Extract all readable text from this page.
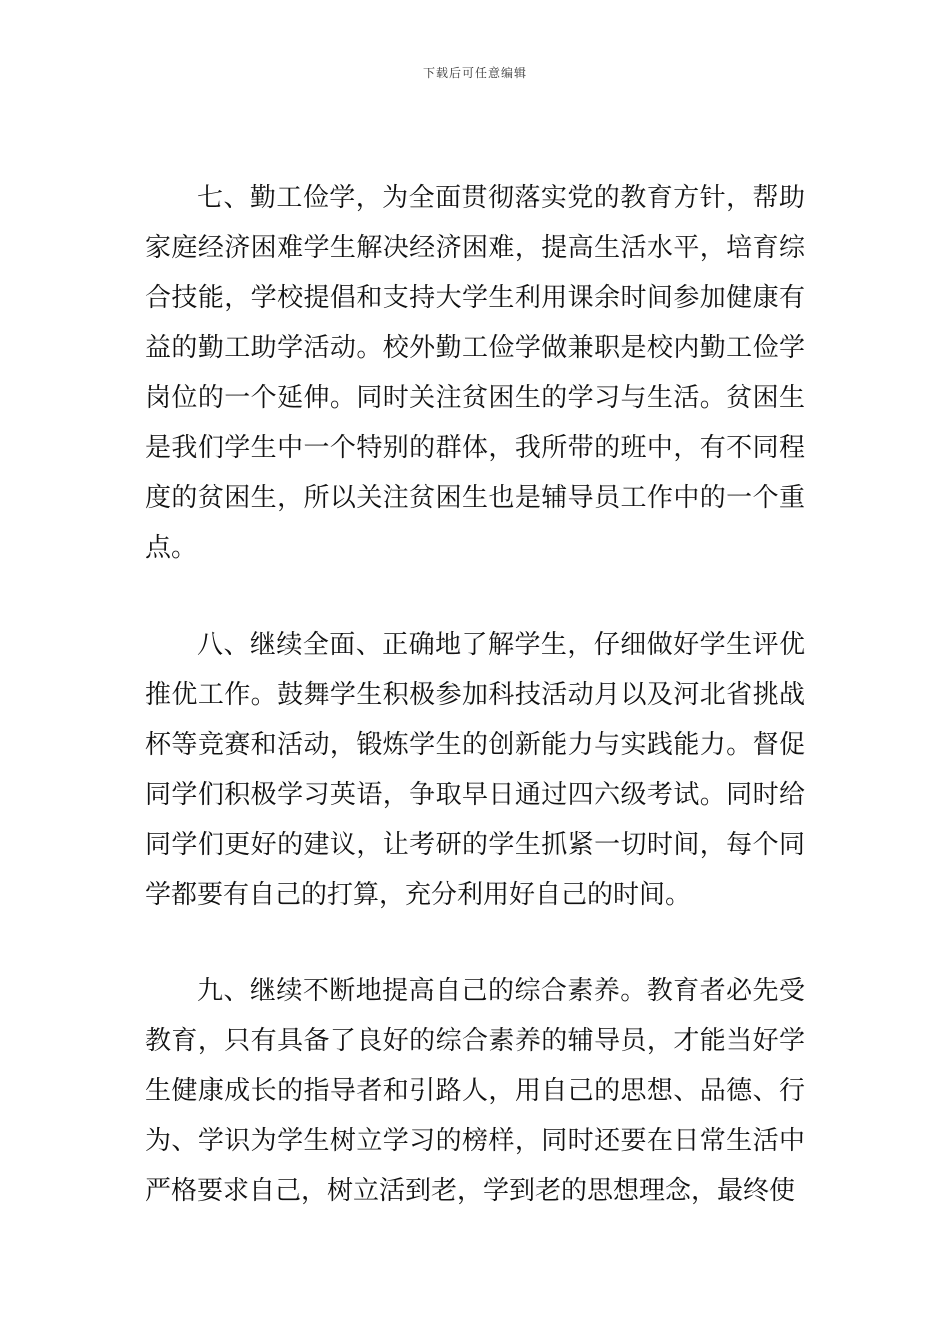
下载后可任意编辑

七、勤工俭学，为全面贯彻落实党的教育方针，帮助家庭经济困难学生解决经济困难，提高生活水平，培育综合技能，学校提倡和支持大学生利用课余时间参加健康有益的勤工助学活动。校外勤工俭学做兼职是校内勤工俭学岗位的一个延伸。同时关注贫困生的学习与生活。贫困生是我们学生中一个特别的群体，我所带的班中，有不同程度的贫困生，所以关注贫困生也是辅导员工作中的一个重点。

八、继续全面、正确地了解学生，仔细做好学生评优推优工作。鼓舞学生积极参加科技活动月以及河北省挑战杯等竞赛和活动，锻炼学生的创新能力与实践能力。督促同学们积极学习英语，争取早日通过四六级考试。同时给同学们更好的建议，让考研的学生抓紧一切时间，每个同学都要有自己的打算，充分利用好自己的时间。

九、继续不断地提高自己的综合素养。教育者必先受教育，只有具备了良好的综合素养的辅导员，才能当好学生健康成长的指导者和引路人，用自己的思想、品德、行为、学识为学生树立学习的榜样，同时还要在日常生活中严格要求自己，树立活到老，学到老的思想理念，最终使
